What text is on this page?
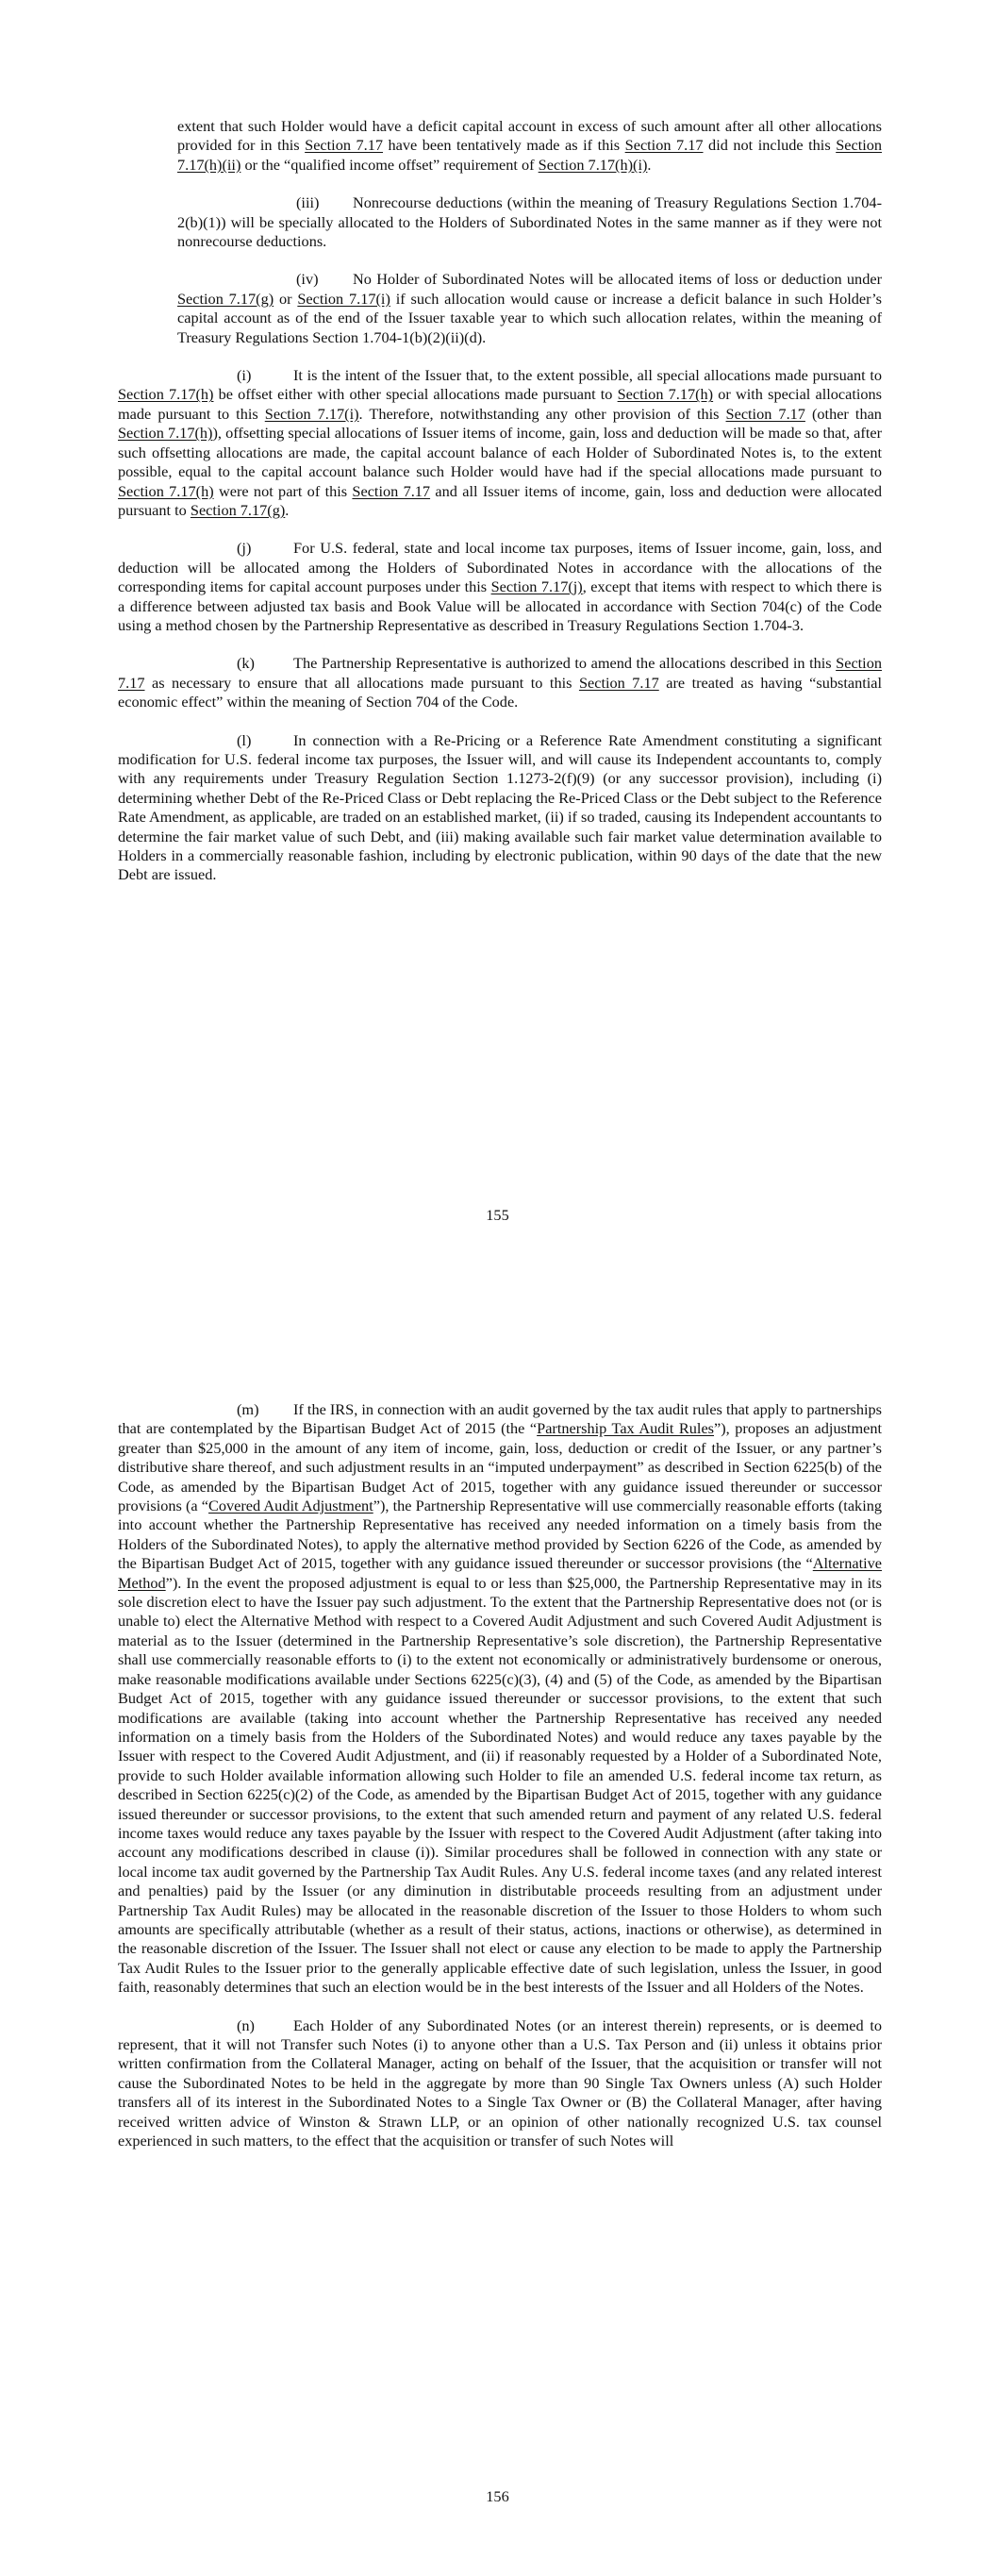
extent that such Holder would have a deficit capital account in excess of such amount after all other allocations provided for in this Section 7.17 have been tentatively made as if this Section 7.17 did not include this Section 7.17(h)(ii) or the “qualified income offset” requirement of Section 7.17(h)(i).

(iii) Nonrecourse deductions (within the meaning of Treasury Regulations Section 1.704-2(b)(1)) will be specially allocated to the Holders of Subordinated Notes in the same manner as if they were not nonrecourse deductions.

(iv) No Holder of Subordinated Notes will be allocated items of loss or deduction under Section 7.17(g) or Section 7.17(i) if such allocation would cause or increase a deficit balance in such Holder’s capital account as of the end of the Issuer taxable year to which such allocation relates, within the meaning of Treasury Regulations Section 1.704-1(b)(2)(ii)(d).

(i)	It is the intent of the Issuer that, to the extent possible, all special allocations made pursuant to Section 7.17(h) be offset either with other special allocations made pursuant to Section 7.17(h) or with special allocations made pursuant to this Section 7.17(i). Therefore, notwithstanding any other provision of this Section 7.17 (other than Section 7.17(h)), offsetting special allocations of Issuer items of income, gain, loss and deduction will be made so that, after such offsetting allocations are made, the capital account balance of each Holder of Subordinated Notes is, to the extent possible, equal to the capital account balance such Holder would have had if the special allocations made pursuant to Section 7.17(h) were not part of this Section 7.17 and all Issuer items of income, gain, loss and deduction were allocated pursuant to Section 7.17(g).

(j)	For U.S. federal, state and local income tax purposes, items of Issuer income, gain, loss, and deduction will be allocated among the Holders of Subordinated Notes in accordance with the allocations of the corresponding items for capital account purposes under this Section 7.17(j), except that items with respect to which there is a difference between adjusted tax basis and Book Value will be allocated in accordance with Section 704(c) of the Code using a method chosen by the Partnership Representative as described in Treasury Regulations Section 1.704-3.

(k)	The Partnership Representative is authorized to amend the allocations described in this Section 7.17 as necessary to ensure that all allocations made pursuant to this Section 7.17 are treated as having “substantial economic effect” within the meaning of Section 704 of the Code.

(l)	In connection with a Re-Pricing or a Reference Rate Amendment constituting a significant modification for U.S. federal income tax purposes, the Issuer will, and will cause its Independent accountants to, comply with any requirements under Treasury Regulation Section 1.1273-2(f)(9) (or any successor provision), including (i) determining whether Debt of the Re-Priced Class or Debt replacing the Re-Priced Class or the Debt subject to the Reference Rate Amendment, as applicable, are traded on an established market, (ii) if so traded, causing its Independent accountants to determine the fair market value of such Debt, and (iii) making available such fair market value determination available to Holders in a commercially reasonable fashion, including by electronic publication, within 90 days of the date that the new Debt are issued.

155

(m) If the IRS, in connection with an audit governed by the tax audit rules that apply to partnerships that are contemplated by the Bipartisan Budget Act of 2015 (the “Partnership Tax Audit Rules”), proposes an adjustment greater than $25,000 in the amount of any item of income, gain, loss, deduction or credit of the Issuer, or any partner’s distributive share thereof, and such adjustment results in an “imputed underpayment” as described in Section 6225(b) of the Code, as amended by the Bipartisan Budget Act of 2015, together with any guidance issued thereunder or successor provisions (a “Covered Audit Adjustment”), the Partnership Representative will use commercially reasonable efforts (taking into account whether the Partnership Representative has received any needed information on a timely basis from the Holders of the Subordinated Notes), to apply the alternative method provided by Section 6226 of the Code, as amended by the Bipartisan Budget Act of 2015, together with any guidance issued thereunder or successor provisions (the “Alternative Method”). In the event the proposed adjustment is equal to or less than $25,000, the Partnership Representative may in its sole discretion elect to have the Issuer pay such adjustment. To the extent that the Partnership Representative does not (or is unable to) elect the Alternative Method with respect to a Covered Audit Adjustment and such Covered Audit Adjustment is material as to the Issuer (determined in the Partnership Representative’s sole discretion), the Partnership Representative shall use commercially reasonable efforts to (i) to the extent not economically or administratively burdensome or onerous, make reasonable modifications available under Sections 6225(c)(3), (4) and (5) of the Code, as amended by the Bipartisan Budget Act of 2015, together with any guidance issued thereunder or successor provisions, to the extent that such modifications are available (taking into account whether the Partnership Representative has received any needed information on a timely basis from the Holders of the Subordinated Notes) and would reduce any taxes payable by the Issuer with respect to the Covered Audit Adjustment, and (ii) if reasonably requested by a Holder of a Subordinated Note, provide to such Holder available information allowing such Holder to file an amended U.S. federal income tax return, as described in Section 6225(c)(2) of the Code, as amended by the Bipartisan Budget Act of 2015, together with any guidance issued thereunder or successor provisions, to the extent that such amended return and payment of any related U.S. federal income taxes would reduce any taxes payable by the Issuer with respect to the Covered Audit Adjustment (after taking into account any modifications described in clause (i)). Similar procedures shall be followed in connection with any state or local income tax audit governed by the Partnership Tax Audit Rules. Any U.S. federal income taxes (and any related interest and penalties) paid by the Issuer (or any diminution in distributable proceeds resulting from an adjustment under Partnership Tax Audit Rules) may be allocated in the reasonable discretion of the Issuer to those Holders to whom such amounts are specifically attributable (whether as a result of their status, actions, inactions or otherwise), as determined in the reasonable discretion of the Issuer. The Issuer shall not elect or cause any election to be made to apply the Partnership Tax Audit Rules to the Issuer prior to the generally applicable effective date of such legislation, unless the Issuer, in good faith, reasonably determines that such an election would be in the best interests of the Issuer and all Holders of the Notes.

(n)	Each Holder of any Subordinated Notes (or an interest therein) represents, or is deemed to represent, that it will not Transfer such Notes (i) to anyone other than a U.S. Tax Person and (ii) unless it obtains prior written confirmation from the Collateral Manager, acting on behalf of the Issuer, that the acquisition or transfer will not cause the Subordinated Notes to be held in the aggregate by more than 90 Single Tax Owners unless (A) such Holder transfers all of its interest in the Subordinated Notes to a Single Tax Owner or (B) the Collateral Manager, after having received written advice of Winston & Strawn LLP, or an opinion of other nationally recognized U.S. tax counsel experienced in such matters, to the effect that the acquisition or transfer of such Notes will

156
